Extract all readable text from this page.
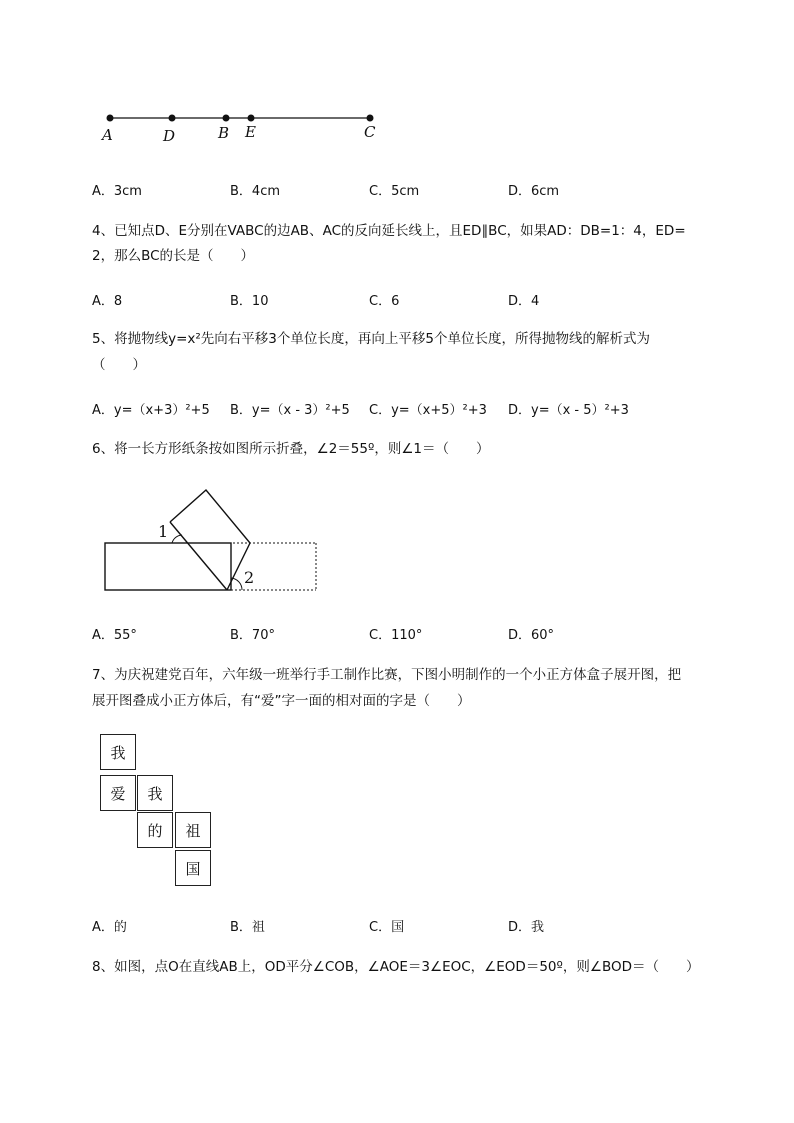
A	D	B E	C
A．3cm	B．4cm	C．5cm	D．6cm
4、已知点D、E分别在VABC的边AB、AC的反向延长线上，且ED∥BC，如果AD：DB=1：4，ED=
2，那么BC的长是（　　）
A．8	B．10	C．6	D．4
5、将抛物线y=x²先向右平移3个单位长度，再向上平移5个单位长度，所得抛物线的解析式为
（　　）
A．y=（x+3）²+5 B．y=（x - 3）²+5 C．y=（x+5）²+3 D．y=（x - 5）²+3
6、将一长方形纸条按如图所示折叠，∠2＝55º，则∠1＝（　　）
1
2
A．55°	B．70°	C．110°	D．60°
7、为庆祝建党百年，六年级一班举行手工制作比赛，下图小明制作的一个小正方体盒子展开图，把
展开图叠成小正方体后，有“爱”字一面的相对面的字是（　　）
我
爱	我
的	祖
国
A．的	B．祖	C．国	D．我
8、如图，点O在直线AB上，OD平分∠COB，∠AOE＝3∠EOC，∠EOD＝50º，则∠BOD＝（　　）
